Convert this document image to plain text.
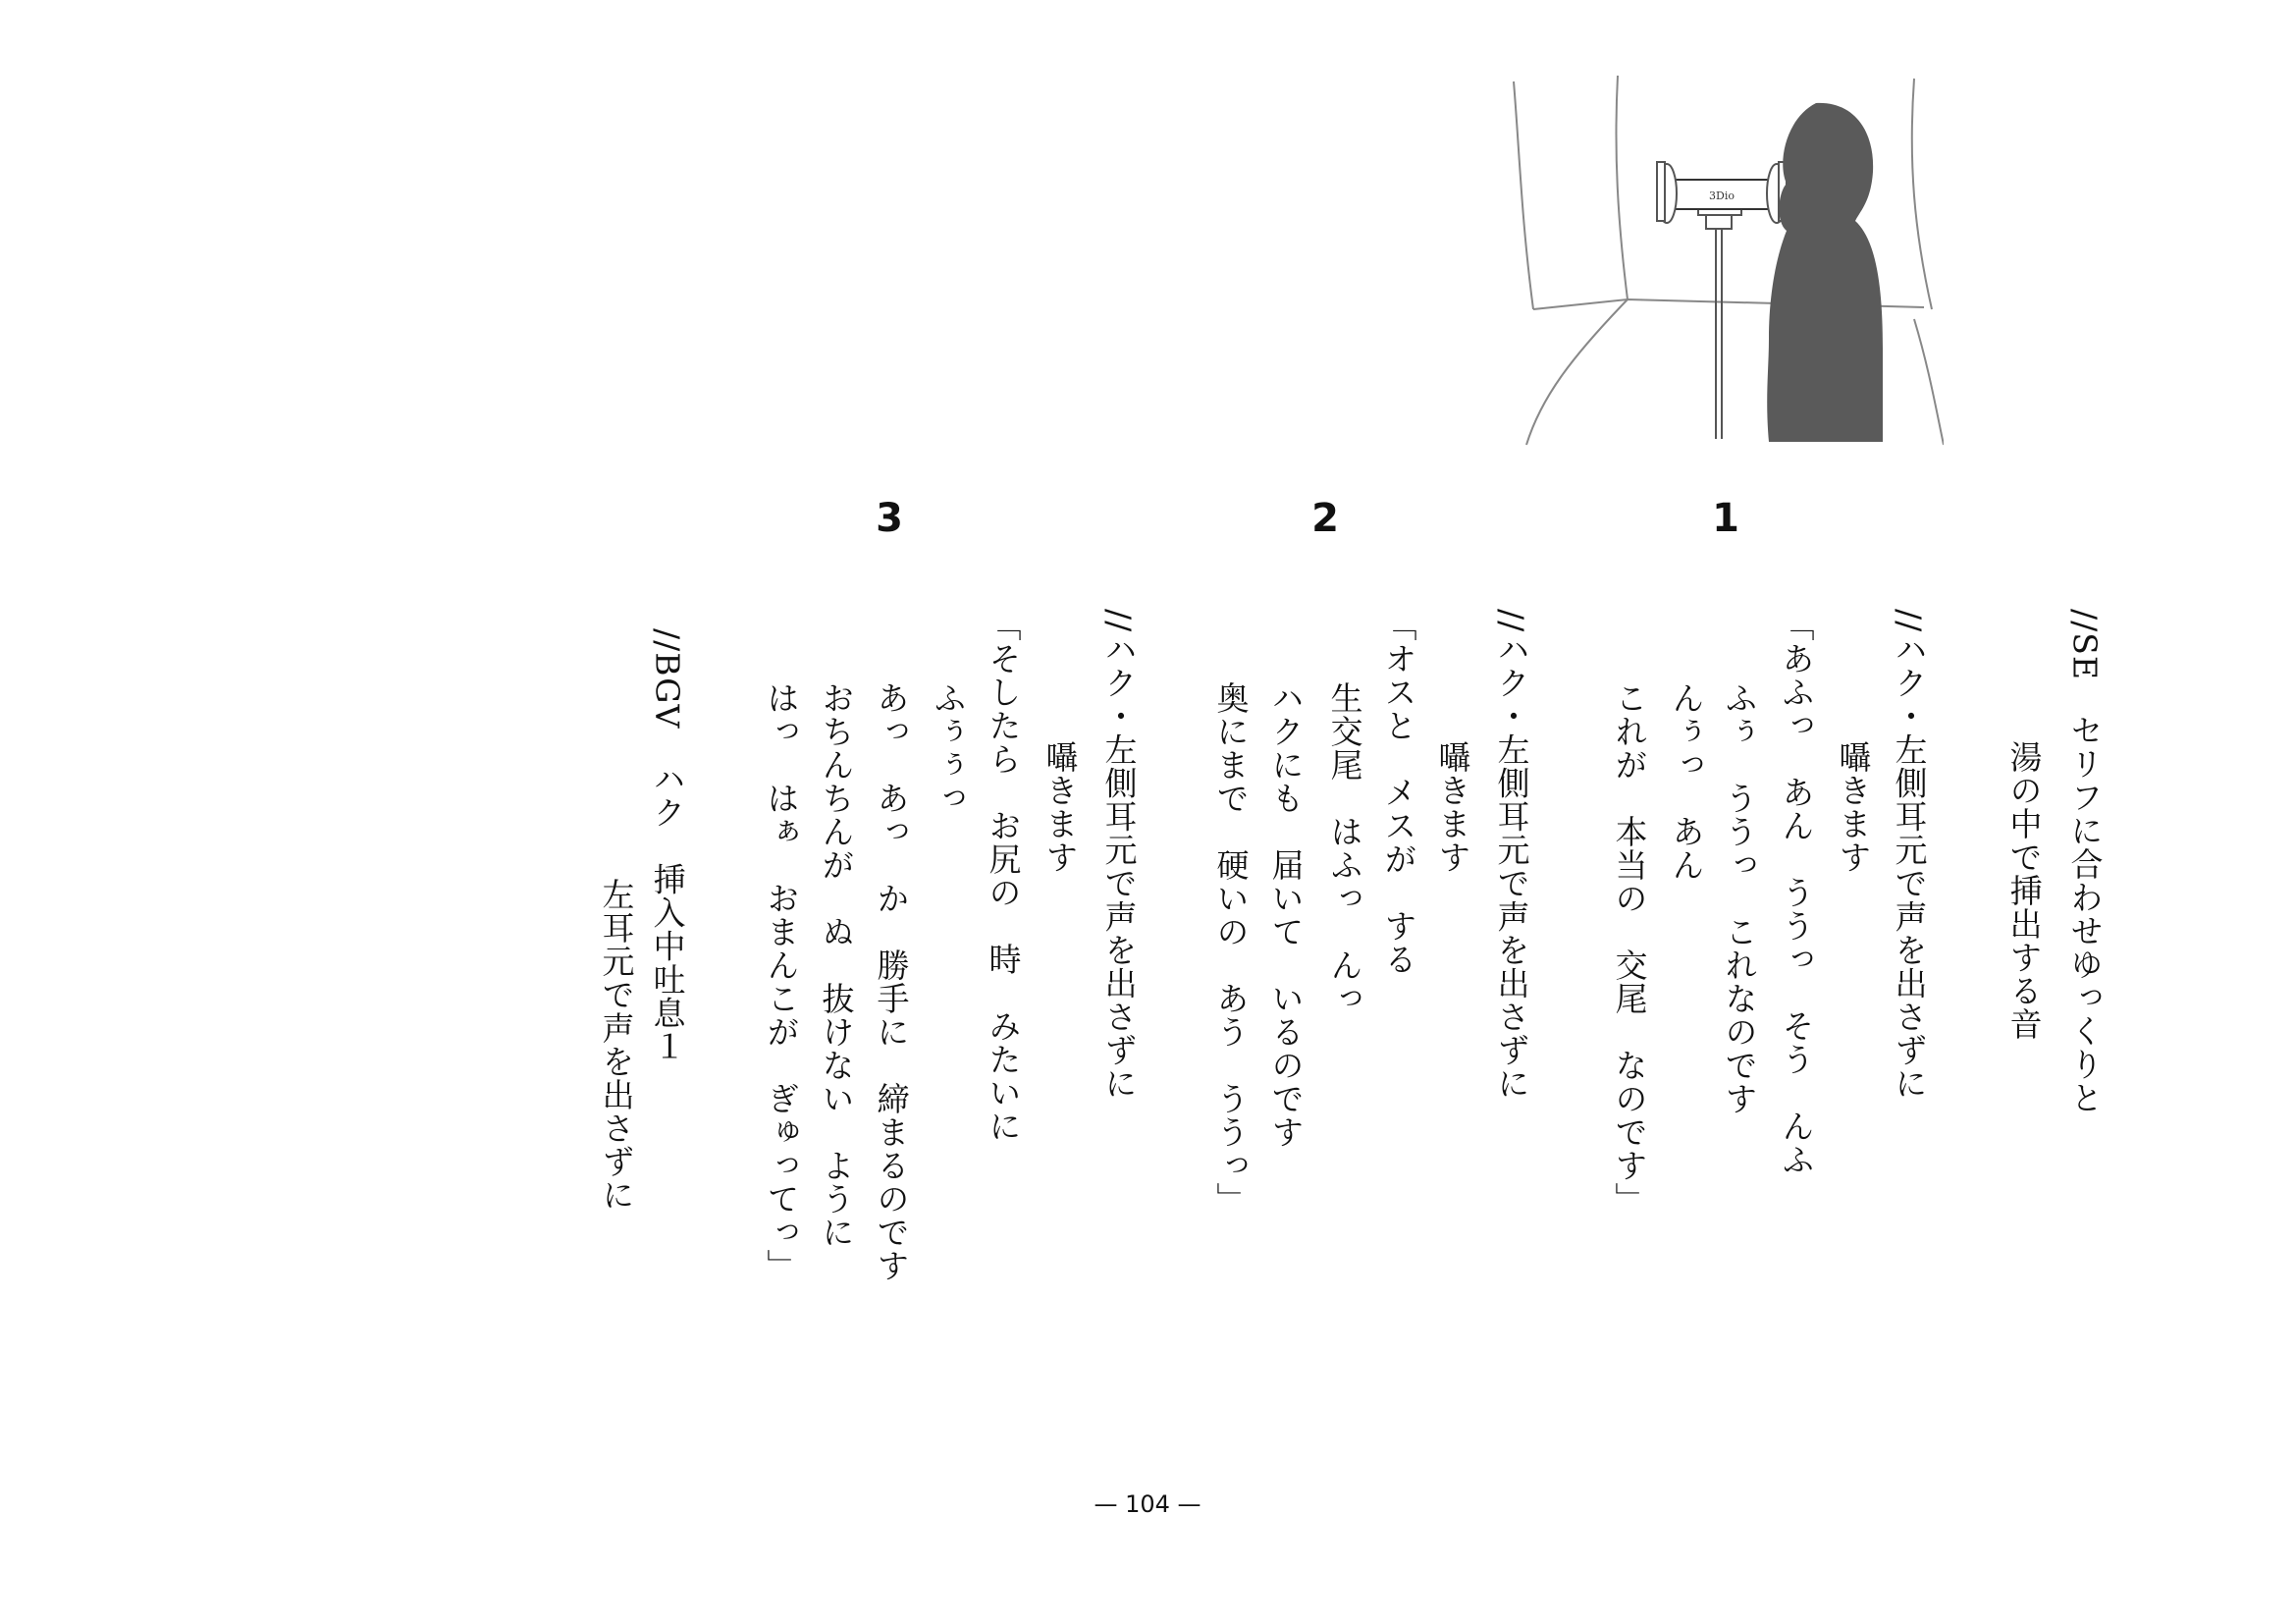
3Dio
1
2
3
//SE　セリフに合わせゆっくりと
　湯の中で挿出する音
//ハク・左側耳元で声を出さずに
　囁きます
「あふっ　あん　ううっ　そう　んふ
　ふぅ　ううっ　これなのです
　んぅっ　あん
　これが　本当の　交尾　なのです」
//ハク・左側耳元で声を出さずに
　囁きます
「オスと　メスが　する
　生交尾　はふっ　んっ
　ハクにも　届いて　いるのです
　奥にまで　硬いの　あう　ううっ」
//ハク・左側耳元で声を出さずに
　囁きます
「そしたら　お尻の　時　みたいに
　ふぅぅっ
　あっ　あっ　か　勝手に　締まるのです
　おちんちんが　ぬ　抜けない　ように
　はっ　はぁ　おまんこが　ぎゅってっ」
//BGV　ハク　挿入中吐息１
　左耳元で声を出さずに
— 104 —
